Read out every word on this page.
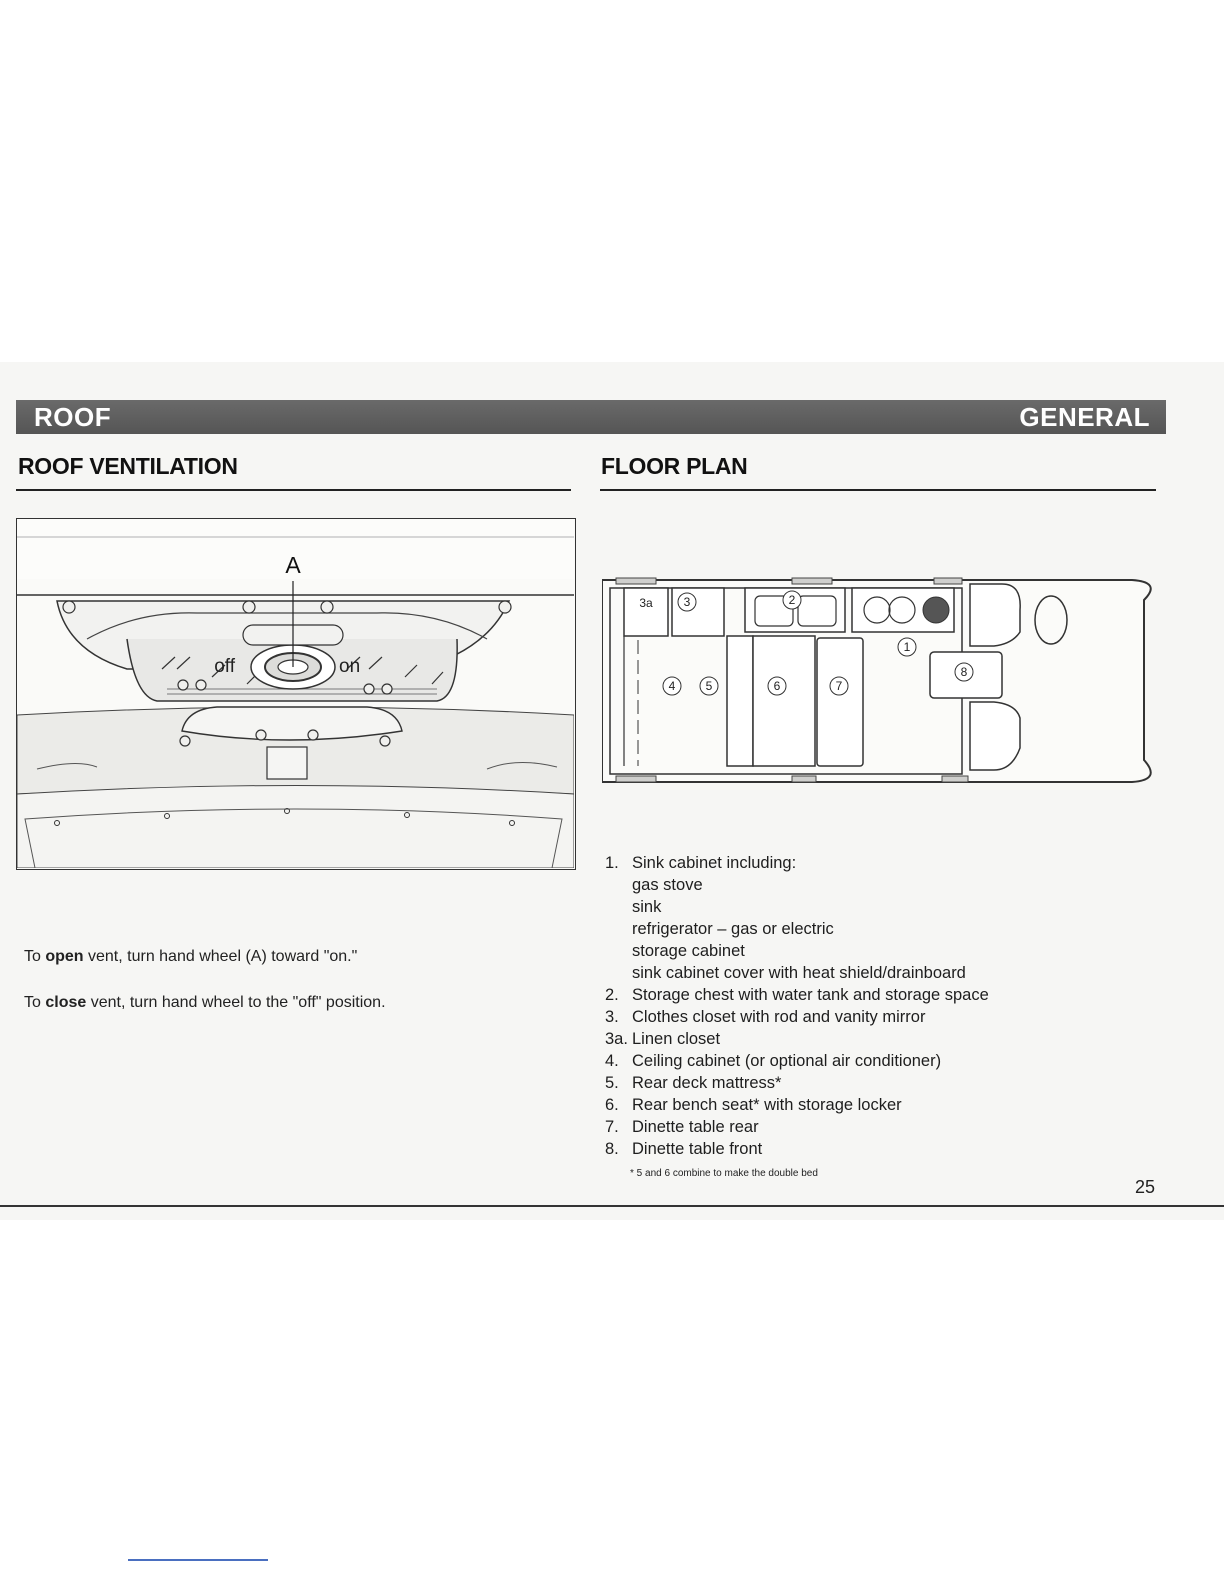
ROOF	GENERAL
ROOF VENTILATION
A
off	on
To open vent, turn hand wheel (A) toward "on."
To close vent, turn hand wheel to the "off" position.
FLOOR PLAN
3a	3	2
1
4	5	6	7
8
1. Sink cabinet including:
gas stove
sink
refrigerator – gas or electric
storage cabinet
sink cabinet cover with heat shield/drainboard
2. Storage chest with water tank and storage space
3. Clothes closet with rod and vanity mirror
3a. Linen closet
4. Ceiling cabinet (or optional air conditioner)
5. Rear deck mattress*
6. Rear bench seat* with storage locker
7. Dinette table rear
8. Dinette table front
* 5 and 6 combine to make the double bed
25
